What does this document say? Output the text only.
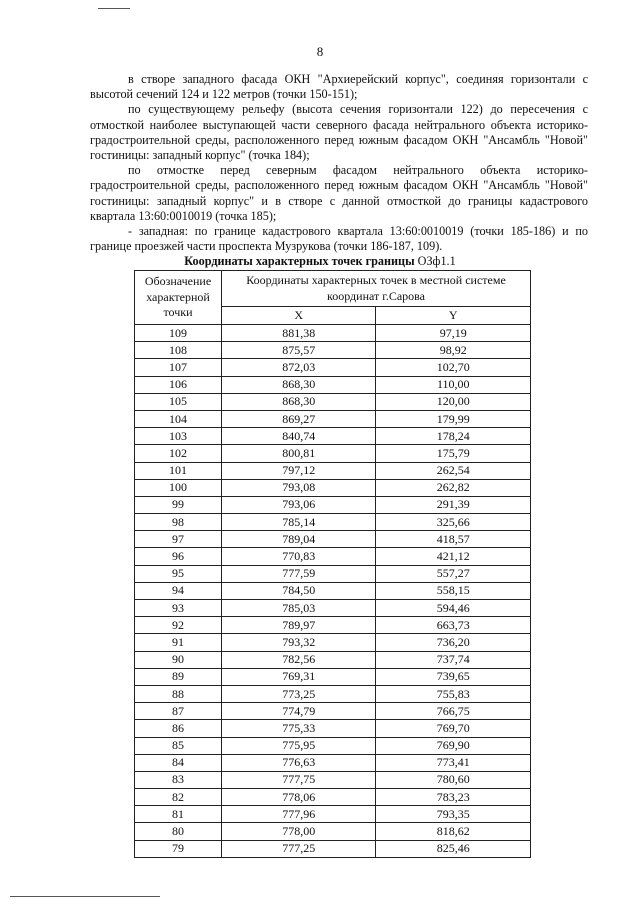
8

в створе западного фасада ОКН "Архиерейский корпус", соединяя горизонтали с высотой сечений 124 и 122 метров (точки 150-151);

по существующему рельефу (высота сечения горизонтали 122) до пересечения с отмосткой наиболее выступающей части северного фасада нейтрального объекта историко-градостроительной среды, расположенного перед южным фасадом ОКН "Ансамбль "Новой" гостиницы: западный корпус" (точка 184);

по отмостке перед северным фасадом нейтрального объекта историко-градостроительной среды, расположенного перед южным фасадом ОКН "Ансамбль "Новой" гостиницы: западный корпус" и в створе с данной отмосткой до границы кадастрового квартала 13:60:0010019 (точка 185);

- западная: по границе кадастрового квартала 13:60:0010019 (точки 185-186) и по границе проезжей части проспекта Музрукова (точки 186-187, 109).

Координаты характерных точек границы ОЗф1.1
Обозначение характерной точки	Координаты характерных точек в местной системе координат г.Сарова	
	X	Y
109	881,38	97,19
108	875,57	98,92
107	872,03	102,70
106	868,30	110,00
105	868,30	120,00
104	869,27	179,99
103	840,74	178,24
102	800,81	175,79
101	797,12	262,54
100	793,08	262,82
99	793,06	291,39
98	785,14	325,66
97	789,04	418,57
96	770,83	421,12
95	777,59	557,27
94	784,50	558,15
93	785,03	594,46
92	789,97	663,73
91	793,32	736,20
90	782,56	737,74
89	769,31	739,65
88	773,25	755,83
87	774,79	766,75
86	775,33	769,70
85	775,95	769,90
84	776,63	773,41
83	777,75	780,60
82	778,06	783,23
81	777,96	793,35
80	778,00	818,62
79	777,25	825,46
